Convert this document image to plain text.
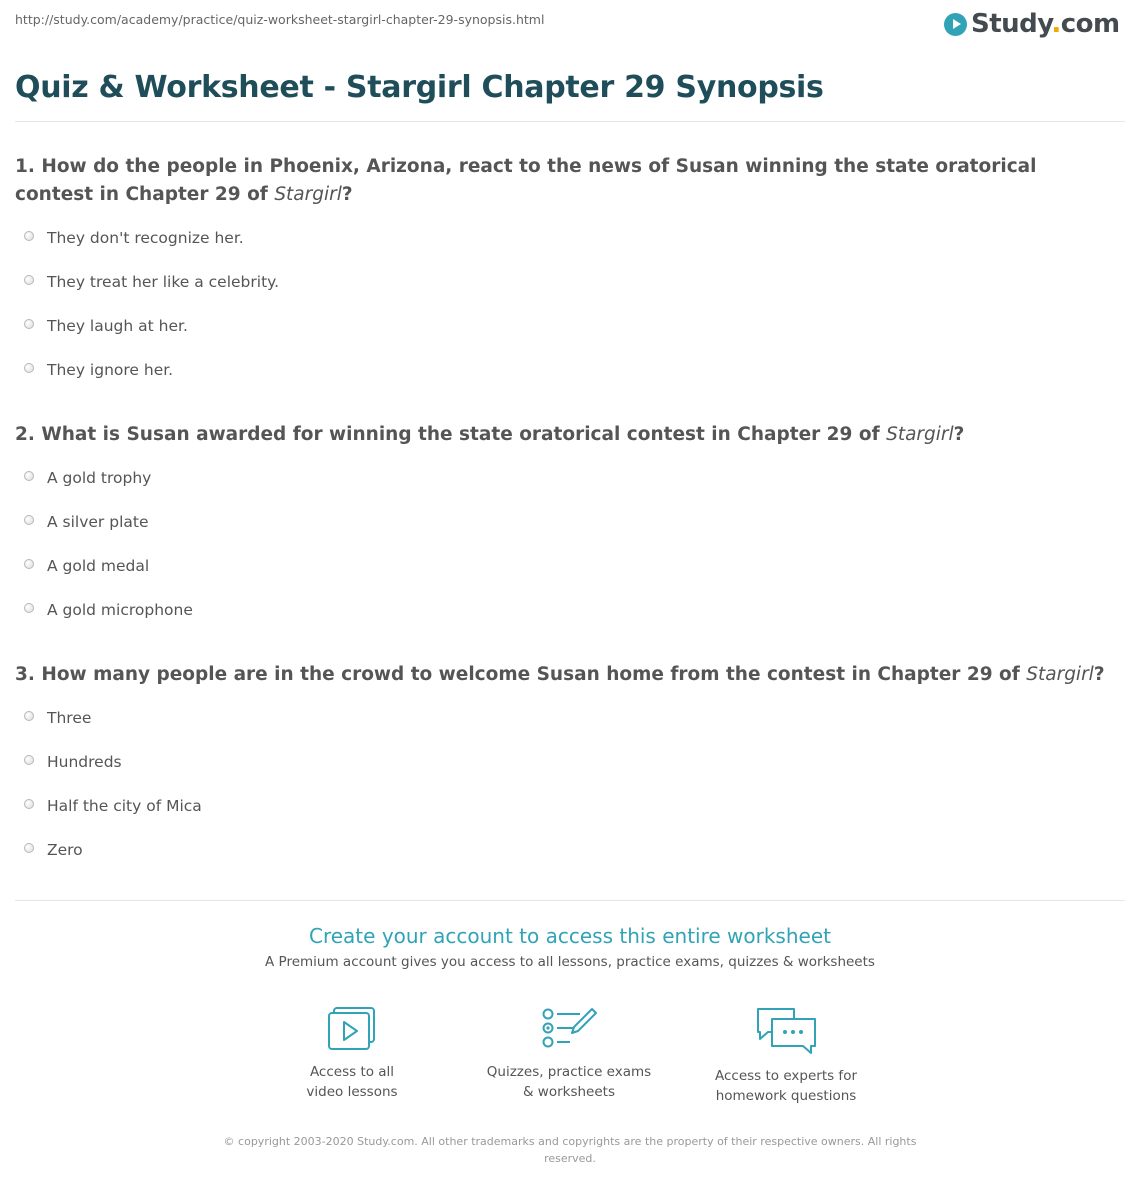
http://study.com/academy/practice/quiz-worksheet-stargirl-chapter-29-synopsis.html	Study.com
Quiz & Worksheet - Stargirl Chapter 29 Synopsis
1. How do the people in Phoenix, Arizona, react to the news of Susan winning the state oratorical contest in Chapter 29 of Stargirl?
They don't recognize her.
They treat her like a celebrity.
They laugh at her.
They ignore her.
2. What is Susan awarded for winning the state oratorical contest in Chapter 29 of Stargirl?
A gold trophy
A silver plate
A gold medal
A gold microphone
3. How many people are in the crowd to welcome Susan home from the contest in Chapter 29 of Stargirl?
Three
Hundreds
Half the city of Mica
Zero
Create your account to access this entire worksheet
A Premium account gives you access to all lessons, practice exams, quizzes & worksheets
Access to all
video lessons
Quizzes, practice exams
& worksheets
Access to experts for
homework questions
© copyright 2003-2020 Study.com. All other trademarks and copyrights are the property of their respective owners. All rights reserved.
